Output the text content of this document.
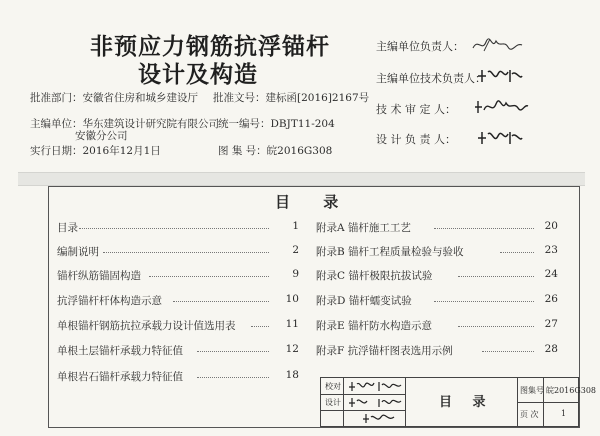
非预应力钢筋抗浮锚杆
设计及构造
批准部门：安徽省住房和城乡建设厅 批准文号：建标函[2016]2167号
主编单位：华东建筑设计研究院有限公司
安徽分公司
统一编号：DBJT11-204
实行日期：2016年12月1日	图 集 号：皖2016G308
主编单位负责人：
主编单位技术负责人：
技 术 审 定 人：
设 计 负 责 人：
目 录
目录	1
编制说明	2
锚杆纵筋锚固构造	9
抗浮锚杆杆体构造示意	10
单根锚杆钢筋抗拉承载力设计值选用表	11
单根土层锚杆承载力特征值	12
单根岩石锚杆承载力特征值	18
附录A 锚杆施工工艺	20
附录B 锚杆工程质量检验与验收	23
附录C 锚杆极限抗拔试验	24
附录D 锚杆蠕变试验	26
附录E 锚杆防水构造示意	27
附录F 抗浮锚杆图表选用示例	28
校对
设计	目 录
图集号 皖2016G308
页 次	1
